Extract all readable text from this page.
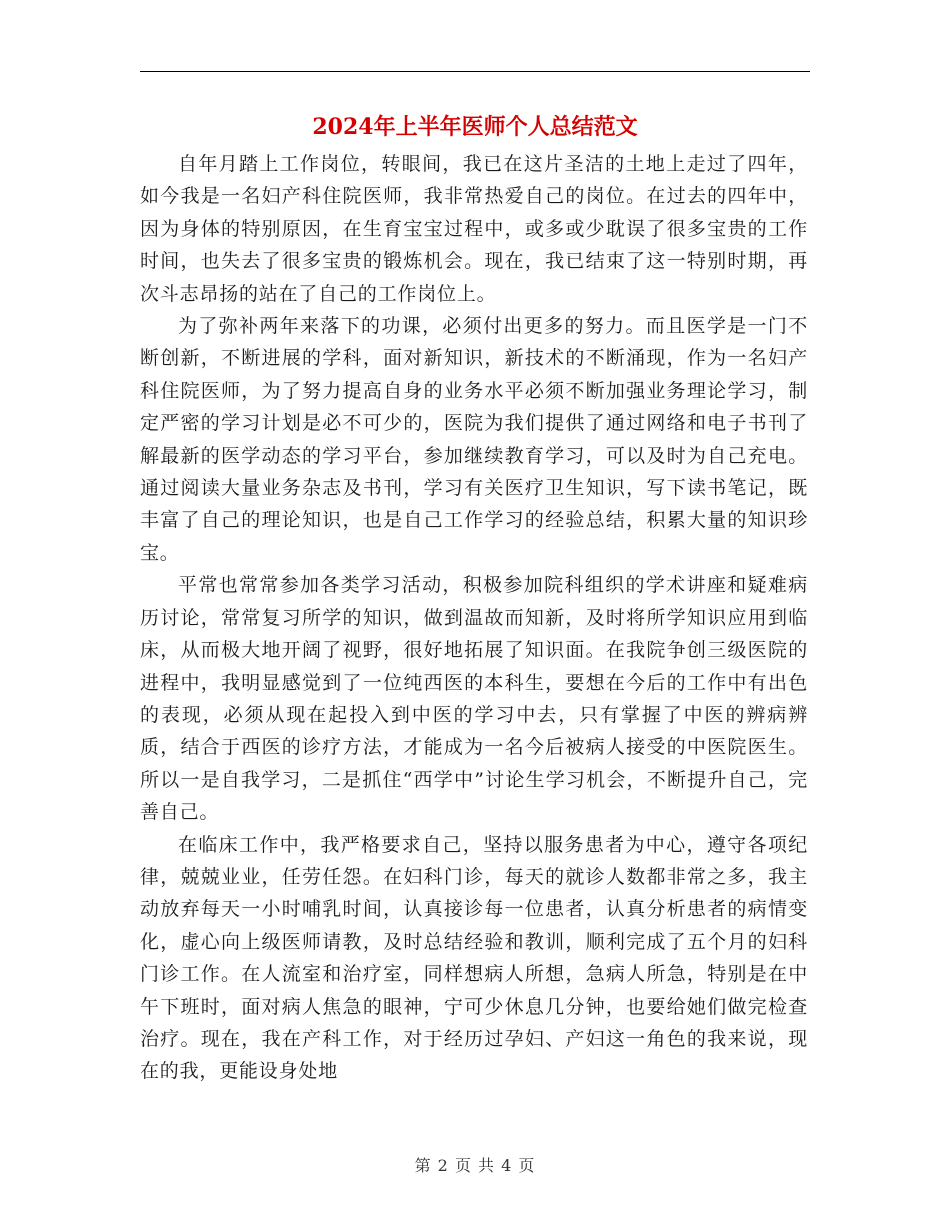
2024年上半年医师个人总结范文

自年月踏上工作岗位，转眼间，我已在这片圣洁的土地上走过了四年，如今我是一名妇产科住院医师，我非常热爱自己的岗位。在过去的四年中，因为身体的特别原因，在生育宝宝过程中，或多或少耽误了很多宝贵的工作时间，也失去了很多宝贵的锻炼机会。现在，我已结束了这一特别时期，再次斗志昂扬的站在了自己的工作岗位上。

为了弥补两年来落下的功课，必须付出更多的努力。而且医学是一门不断创新，不断进展的学科，面对新知识，新技术的不断涌现，作为一名妇产科住院医师，为了努力提高自身的业务水平必须不断加强业务理论学习，制定严密的学习计划是必不可少的，医院为我们提供了通过网络和电子书刊了解最新的医学动态的学习平台，参加继续教育学习，可以及时为自己充电。通过阅读大量业务杂志及书刊，学习有关医疗卫生知识，写下读书笔记，既丰富了自己的理论知识，也是自己工作学习的经验总结，积累大量的知识珍宝。

平常也常常参加各类学习活动，积极参加院科组织的学术讲座和疑难病历讨论，常常复习所学的知识，做到温故而知新，及时将所学知识应用到临床，从而极大地开阔了视野，很好地拓展了知识面。在我院争创三级医院的进程中，我明显感觉到了一位纯西医的本科生，要想在今后的工作中有出色的表现，必须从现在起投入到中医的学习中去，只有掌握了中医的辨病辨质，结合于西医的诊疗方法，才能成为一名今后被病人接受的中医院医生。所以一是自我学习，二是抓住“西学中”讨论生学习机会，不断提升自己，完善自己。

在临床工作中，我严格要求自己，坚持以服务患者为中心，遵守各项纪律，兢兢业业，任劳任怨。在妇科门诊，每天的就诊人数都非常之多，我主动放弃每天一小时哺乳时间，认真接诊每一位患者，认真分析患者的病情变化，虚心向上级医师请教，及时总结经验和教训，顺利完成了五个月的妇科门诊工作。在人流室和治疗室，同样想病人所想，急病人所急，特别是在中午下班时，面对病人焦急的眼神，宁可少休息几分钟，也要给她们做完检查治疗。现在，我在产科工作，对于经历过孕妇、产妇这一角色的我来说，现在的我，更能设身处地

第 2 页 共 4 页
